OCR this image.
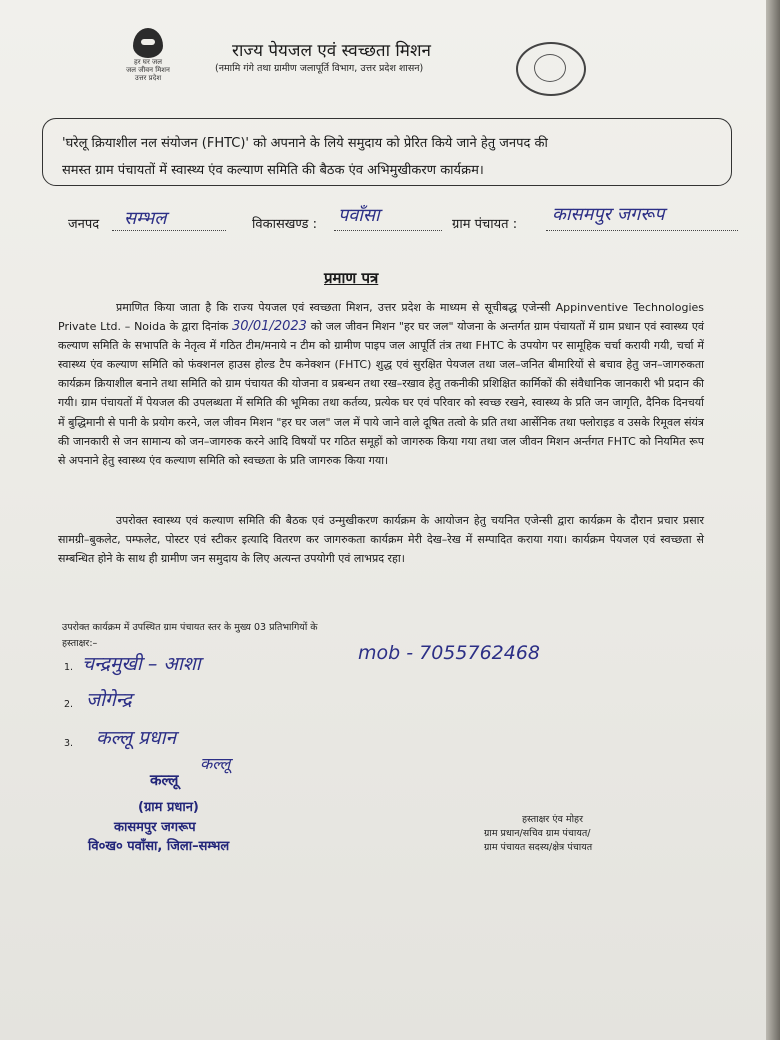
हर घर जल
जल जीवन मिशन
उत्तर प्रदेश
राज्य पेयजल एवं स्वच्छता मिशन
(नमामि गंगे तथा ग्रामीण जलापूर्ति विभाग, उत्तर प्रदेश शासन)
'घरेलू क्रियाशील नल संयोजन (FHTC)' को अपनाने के लिये समुदाय को प्रेरित किये जाने हेतु जनपद की
समस्त ग्राम पंचायतों में स्वास्थ्य एंव कल्याण समिति की बैठक एंव अभिमुखीकरण कार्यक्रम।
जनपद सम्भल	विकासखण्ड : पवाँसा	ग्राम पंचायत : कासमपुर जगरूप
प्रमाण पत्र
प्रमाणित किया जाता है कि राज्य पेयजल एवं स्वच्छता मिशन, उत्तर प्रदेश के माध्यम से सूचीबद्ध एजेन्सी Appinventive Technologies Private Ltd. – Noida के द्वारा दिनांक 30/01/2023 को जल जीवन मिशन "हर घर जल" योजना के अन्तर्गत ग्राम पंचायतों में ग्राम प्रधान एवं स्वास्थ्य एवं कल्याण समिति के सभापति के नेतृत्व में गठित टीम/मनाये न टीम को ग्रामीण पाइप जल आपूर्ति तंत्र तथा FHTC के उपयोग पर सामूहिक चर्चा करायी गयी, चर्चा में स्वास्थ्य एंव कल्याण समिति को फंक्शनल हाउस होल्ड टैप कनेक्शन (FHTC) शुद्ध एवं सुरक्षित पेयजल तथा जल–जनित बीमारियों से बचाव हेतु जन–जागरुकता कार्यक्रम क्रियाशील बनाने तथा समिति को ग्राम पंचायत की योजना व प्रबन्धन तथा रख–रखाव हेतु तकनीकी प्रशिक्षित कार्मिकों की संवैधानिक जानकारी भी प्रदान की गयी। ग्राम पंचायतों में पेयजल की उपलब्धता में समिति की भूमिका तथा कर्तव्य, प्रत्येक घर एवं परिवार को स्वच्छ रखने, स्वास्थ्य के प्रति जन जागृति, दैनिक दिनचर्या में बुद्धिमानी से पानी के प्रयोग करने, जल जीवन मिशन "हर घर जल" जल में पाये जाने वाले दूषित तत्वो के प्रति तथा आर्सेनिक तथा फ्लोराइड व उसके रिमूवल संयंत्र की जानकारी से जन सामान्य को जन–जागरुक करने आदि विषयों पर गठित समूहों को जागरुक किया गया तथा जल जीवन मिशन अर्न्तगत FHTC को नियमित रूप से अपनाने हेतु स्वास्थ्य एंव कल्याण समिति को स्वच्छता के प्रति जागरुक किया गया।
उपरोक्त स्वास्थ्य एवं कल्याण समिति की बैठक एवं उन्मुखीकरण कार्यक्रम के आयोजन हेतु चयनित एजेन्सी द्वारा कार्यक्रम के दौरान प्रचार प्रसार सामग्री–बुकलेट, पम्फलेट, पोस्टर एवं स्टीकर इत्यादि वितरण कर जागरुकता कार्यक्रम मेरी देख–रेख में सम्पादित कराया गया। कार्यक्रम पेयजल एवं स्वच्छता से सम्बन्धित होने के साथ ही ग्रामीण जन समुदाय के लिए अत्यन्त उपयोगी एवं लाभप्रद रहा।
उपरोक्त कार्यक्रम में उपस्थित ग्राम पंचायत स्तर के मुख्य 03 प्रतिभागियों के
हस्ताक्षर:–
1. चन्द्रमुखी – आशा	mob - 7055762468
2. जोगेन्द्र
3. कल्लू प्रधान
कल्लू
कल्लू
(ग्राम प्रधान)
कासमपुर जगरूप
वि०ख० पवाँसा, जिला–सम्भल
हस्ताक्षर एंव मोहर
ग्राम प्रधान/सचिव ग्राम पंचायत/
ग्राम पंचायत सदस्य/क्षेत्र पंचायत
